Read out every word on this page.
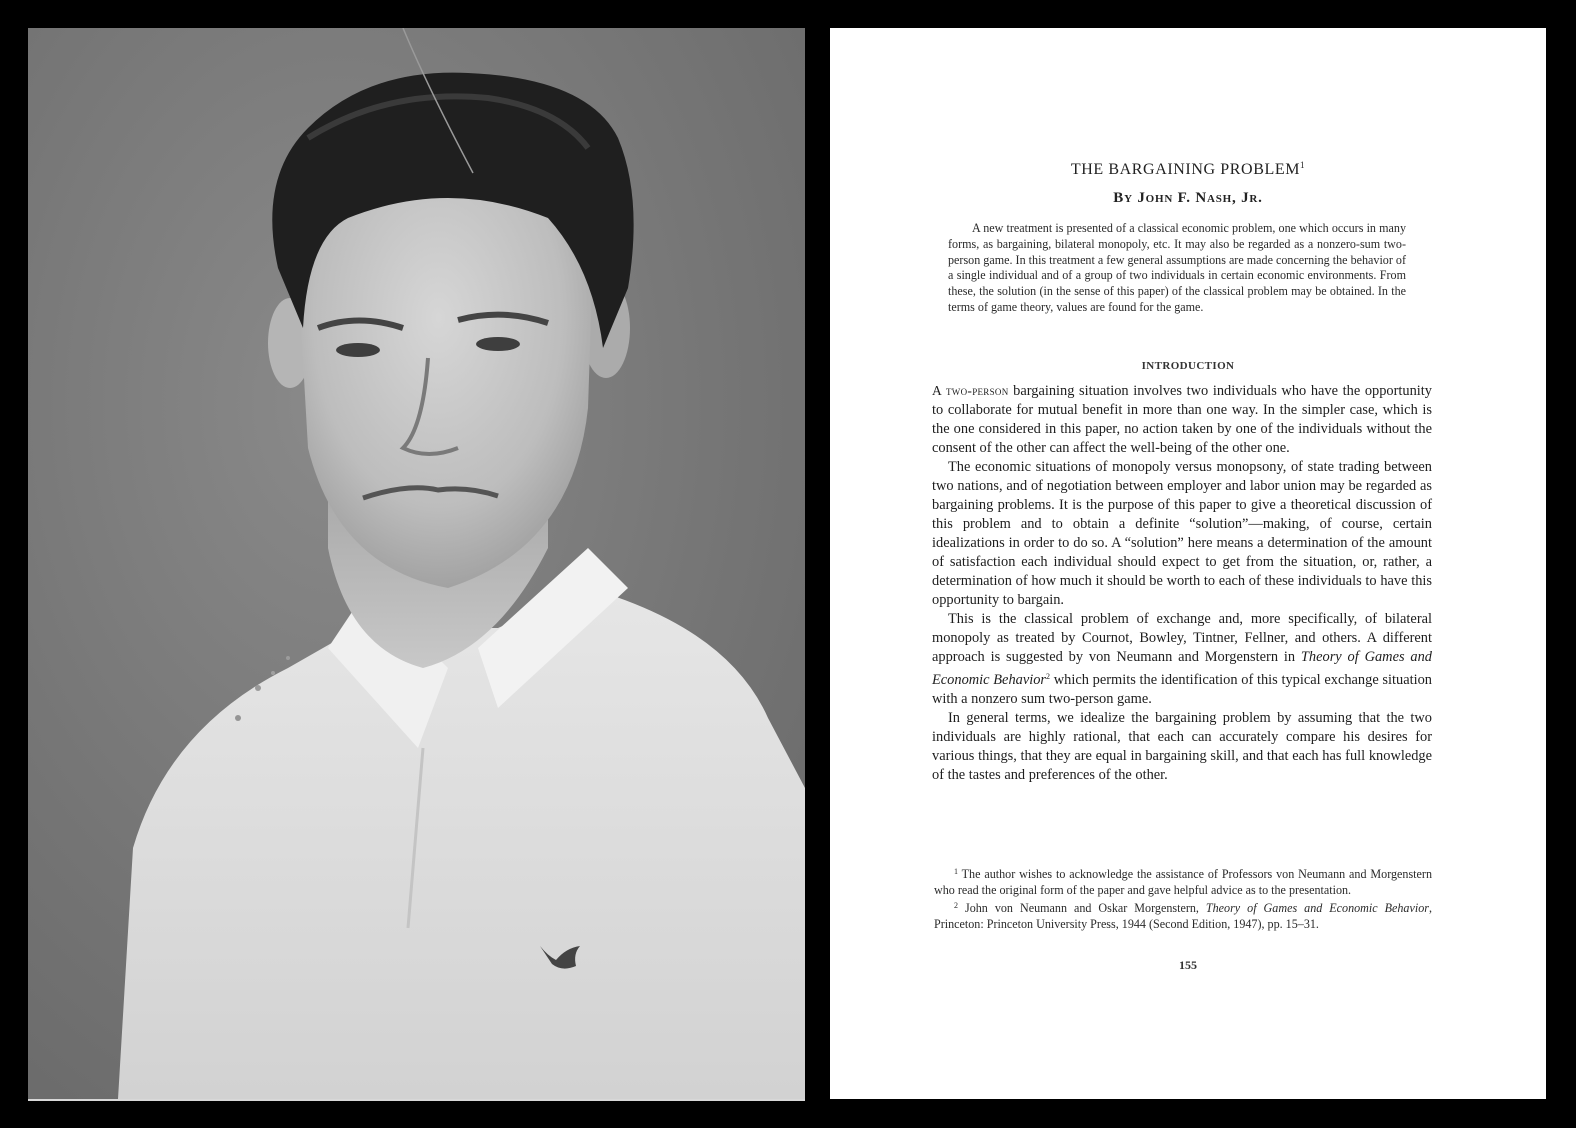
THE BARGAINING PROBLEM$^1$
By John F. Nash, Jr.
A new treatment is presented of a classical economic problem, one which occurs in many forms, as bargaining, bilateral monopoly, etc. It may also be regarded as a nonzero-sum two-person game. In this treatment a few general assumptions are made concerning the behavior of a single individual and of a group of two individuals in certain economic environments. From these, the solution (in the sense of this paper) of the classical problem may be obtained. In the terms of game theory, values are found for the game.
INTRODUCTION

A two-person bargaining situation involves two individuals who have the opportunity to collaborate for mutual benefit in more than one way. In the simpler case, which is the one considered in this paper, no action taken by one of the individuals without the consent of the other can affect the well-being of the other one.

The economic situations of monopoly versus monopsony, of state trading between two nations, and of negotiation between employer and labor union may be regarded as bargaining problems. It is the purpose of this paper to give a theoretical discussion of this problem and to obtain a definite “solution”—making, of course, certain idealizations in order to do so. A “solution” here means a determination of the amount of satisfaction each individual should expect to get from the situation, or, rather, a determination of how much it should be worth to each of these individuals to have this opportunity to bargain.

This is the classical problem of exchange and, more specifically, of bilateral monopoly as treated by Cournot, Bowley, Tintner, Fellner, and others. A different approach is suggested by von Neumann and Morgenstern in Theory of Games and Economic Behavior$^2$ which permits the identification of this typical exchange situation with a nonzero sum two-person game.

In general terms, we idealize the bargaining problem by assuming that the two individuals are highly rational, that each can accurately compare his desires for various things, that they are equal in bargaining skill, and that each has full knowledge of the tastes and preferences of the other.

$^1$ The author wishes to acknowledge the assistance of Professors von Neumann and Morgenstern who read the original form of the paper and gave helpful advice as to the presentation.

$^2$ John von Neumann and Oskar Morgenstern, Theory of Games and Economic Behavior, Princeton: Princeton University Press, 1944 (Second Edition, 1947), pp. 15–31.

155
